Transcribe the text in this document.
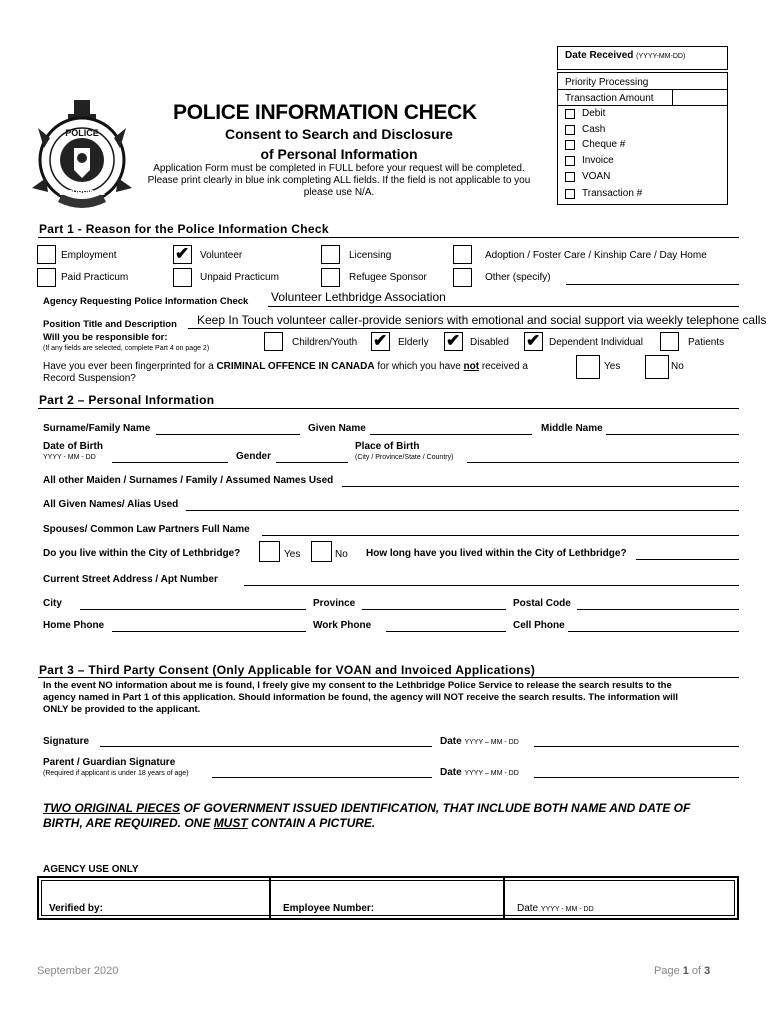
Date Received (YYYY-MM-DD)
Priority Processing
Transaction Amount
Debit
Cash
Cheque #
Invoice
VOAN
Transaction #
POLICE
LETHBRIDGE
POLICE INFORMATION CHECK
Consent to Search and Disclosure
of Personal Information
Application Form must be completed in FULL before your request will be completed.
Please print clearly in blue ink completing ALL fields. If the field is not applicable to you
please use N/A.
Part 1 - Reason for the Police Information Check
Employment	✔ Volunteer	Licensing	Adoption / Foster Care / Kinship Care / Day Home
Paid Practicum	Unpaid Practicum	Refugee Sponsor	Other (specify)
Agency Requesting Police Information Check Volunteer Lethbridge Association
Position Title and Description Keep In Touch volunteer caller-provide seniors with emotional and social support via weekly telephone calls
Will you be responsible for:
(If any fields are selected, complete Part 4 on page 2)
Children/Youth ✔ Elderly ✔ Disabled ✔ Dependent Individual	Patients
Have you ever been fingerprinted for a CRIMINAL OFFENCE IN CANADA for which you have not received a
Record Suspension?
Yes	No
Part 2 – Personal Information
Surname/Family Name	Given Name	Middle Name
Date of Birth
YYYY - MM - DD	Gender
Place of Birth
(City / Province/State / Country)
All other Maiden / Surnames / Family / Assumed Names Used
All Given Names/ Alias Used
Spouses/ Common Law Partners Full Name
Do you live within the City of Lethbridge?	Yes	No How long have you lived within the City of Lethbridge?
Current Street Address / Apt Number
City	Province	Postal Code
Home Phone	Work Phone	Cell Phone
Part 3 – Third Party Consent (Only Applicable for VOAN and Invoiced Applications)
In the event NO information about me is found, I freely give my consent to the Lethbridge Police Service to release the search results to the
agency named in Part 1 of this application. Should information be found, the agency will NOT receive the search results. The information will
ONLY be provided to the applicant.
Signature	Date YYYY – MM - DD
Parent / Guardian Signature
(Required if applicant is under 18 years of age)	Date YYYY – MM - DD
TWO ORIGINAL PIECES OF GOVERNMENT ISSUED IDENTIFICATION, THAT INCLUDE BOTH NAME AND DATE OF
BIRTH, ARE REQUIRED. ONE MUST CONTAIN A PICTURE.
AGENCY USE ONLY
Verified by:	Employee Number:	Date YYYY - MM - DD
September 2020	Page 1 of 3
